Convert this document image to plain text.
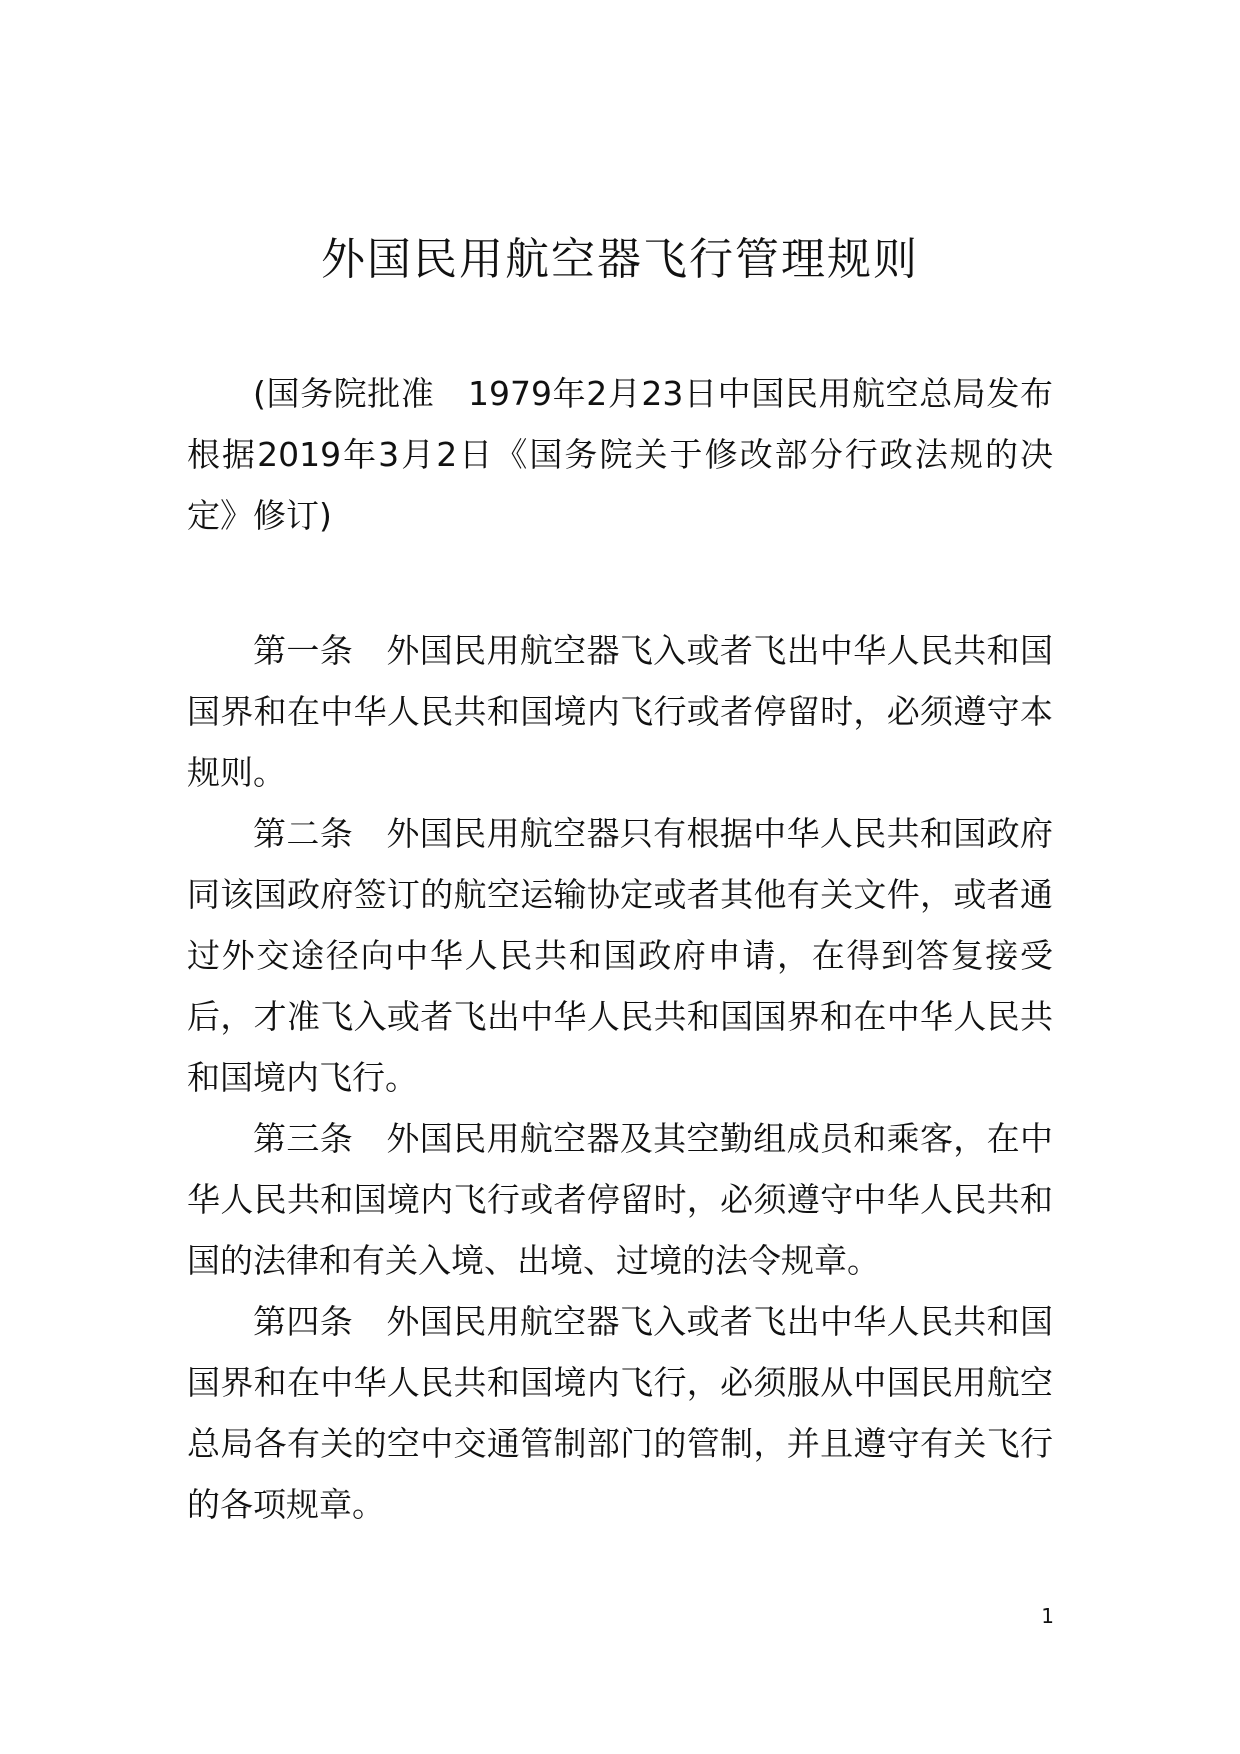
外国民用航空器飞行管理规则

(国务院批准　1979年2月23日中国民用航空总局发布　根据2019年3月2日《国务院关于修改部分行政法规的决定》修订)

第一条 外国民用航空器飞入或者飞出中华人民共和国国界和在中华人民共和国境内飞行或者停留时，必须遵守本规则。

第二条 外国民用航空器只有根据中华人民共和国政府同该国政府签订的航空运输协定或者其他有关文件，或者通过外交途径向中华人民共和国政府申请，在得到答复接受后，才准飞入或者飞出中华人民共和国国界和在中华人民共和国境内飞行。

第三条 外国民用航空器及其空勤组成员和乘客，在中华人民共和国境内飞行或者停留时，必须遵守中华人民共和国的法律和有关入境、出境、过境的法令规章。

第四条 外国民用航空器飞入或者飞出中华人民共和国国界和在中华人民共和国境内飞行，必须服从中国民用航空总局各有关的空中交通管制部门的管制，并且遵守有关飞行的各项规章。

1
